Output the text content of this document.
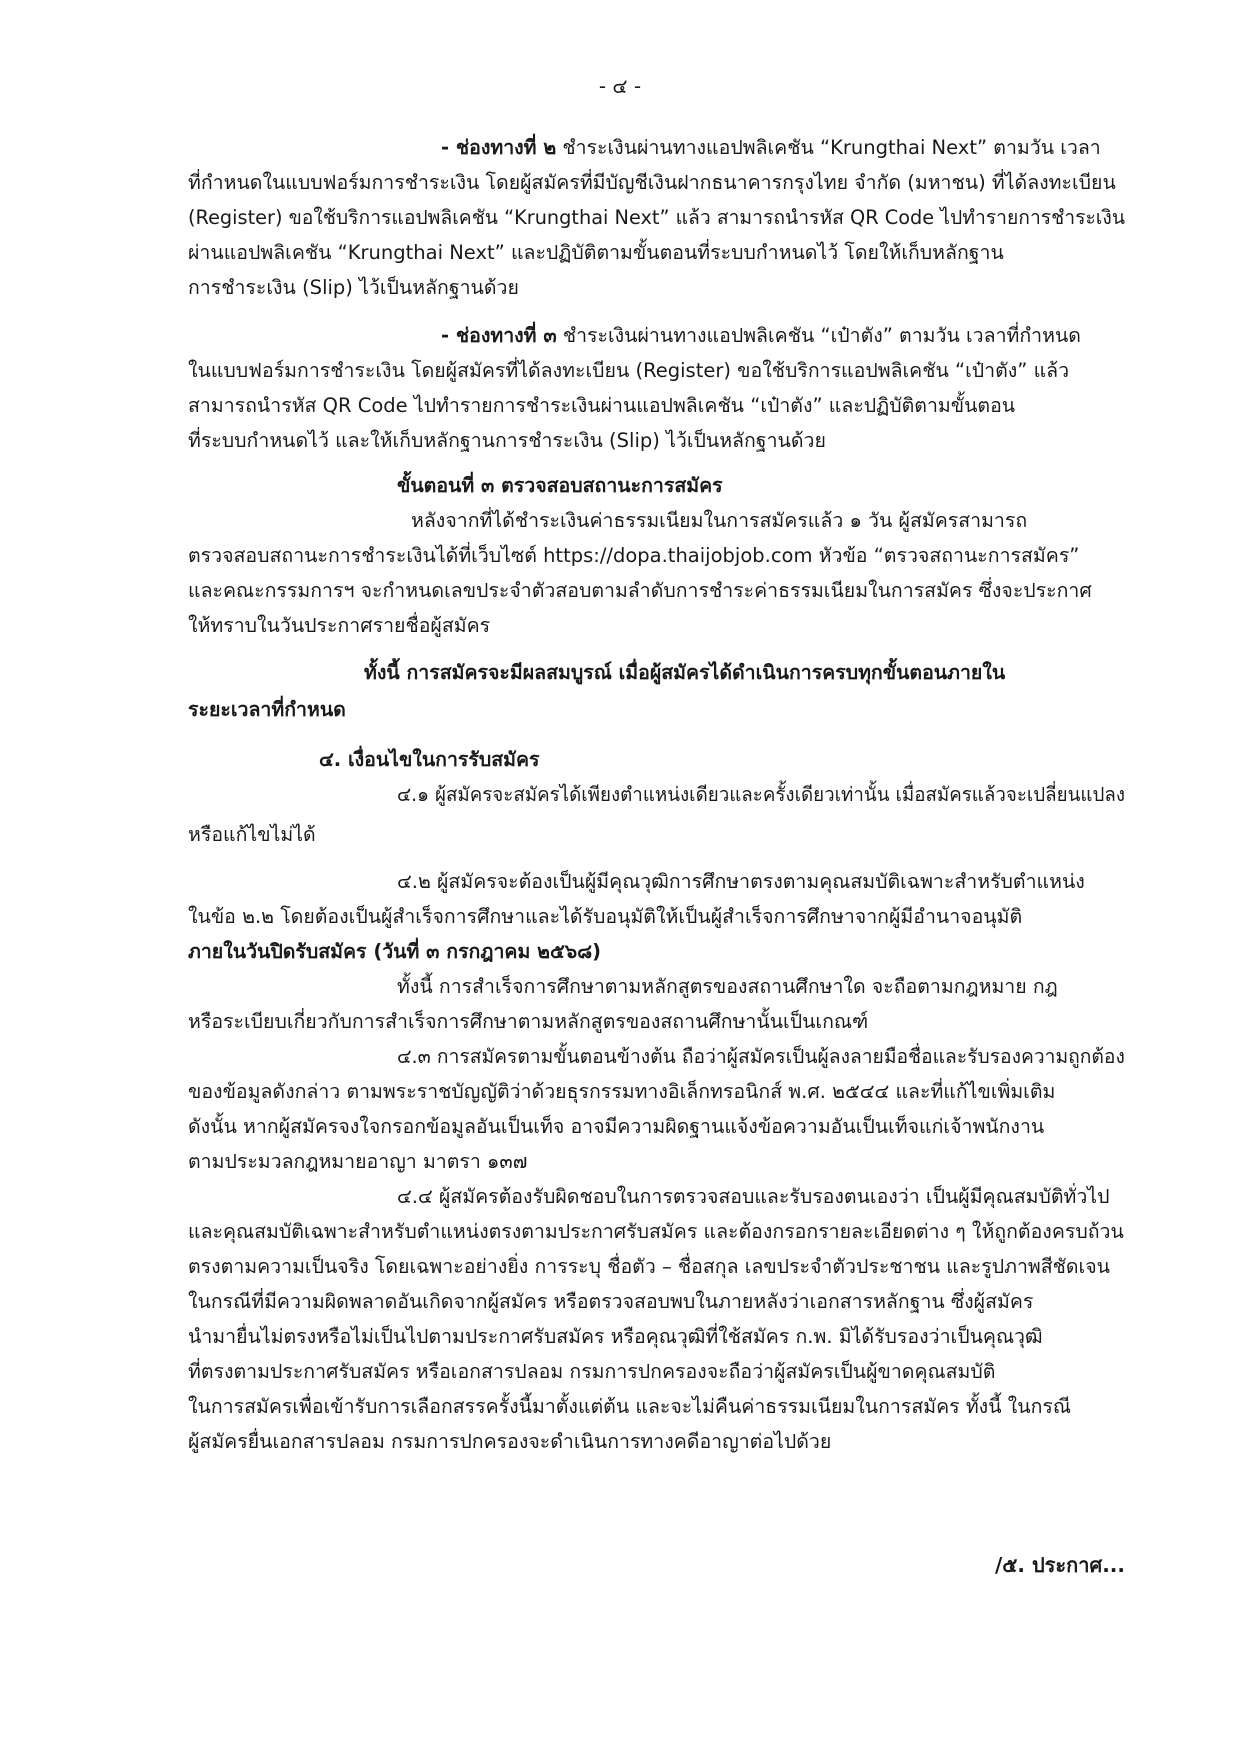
- ๔ -
- ช่องทางที่ ๒ ชำระเงินผ่านทางแอปพลิเคชัน “Krungthai Next” ตามวัน เวลา
ที่กำหนดในแบบฟอร์มการชำระเงิน โดยผู้สมัครที่มีบัญชีเงินฝากธนาคารกรุงไทย จำกัด (มหาชน) ที่ได้ลงทะเบียน
(Register) ขอใช้บริการแอปพลิเคชัน “Krungthai Next” แล้ว สามารถนำรหัส QR Code ไปทำรายการชำระเงิน
ผ่านแอปพลิเคชัน “Krungthai Next” และปฏิบัติตามขั้นตอนที่ระบบกำหนดไว้ โดยให้เก็บหลักฐาน
การชำระเงิน (Slip) ไว้เป็นหลักฐานด้วย
- ช่องทางที่ ๓ ชำระเงินผ่านทางแอปพลิเคชัน “เป๋าตัง” ตามวัน เวลาที่กำหนด
ในแบบฟอร์มการชำระเงิน โดยผู้สมัครที่ได้ลงทะเบียน (Register) ขอใช้บริการแอปพลิเคชัน “เป๋าตัง” แล้ว
สามารถนำรหัส QR Code ไปทำรายการชำระเงินผ่านแอปพลิเคชัน “เป๋าตัง” และปฏิบัติตามขั้นตอน
ที่ระบบกำหนดไว้ และให้เก็บหลักฐานการชำระเงิน (Slip) ไว้เป็นหลักฐานด้วย
ขั้นตอนที่ ๓ ตรวจสอบสถานะการสมัคร
หลังจากที่ได้ชำระเงินค่าธรรมเนียมในการสมัครแล้ว ๑ วัน ผู้สมัครสามารถ
ตรวจสอบสถานะการชำระเงินได้ที่เว็บไซต์ https://dopa.thaijobjob.com หัวข้อ “ตรวจสถานะการสมัคร”
และคณะกรรมการฯ จะกำหนดเลขประจำตัวสอบตามลำดับการชำระค่าธรรมเนียมในการสมัคร ซึ่งจะประกาศ
ให้ทราบในวันประกาศรายชื่อผู้สมัคร
ทั้งนี้ การสมัครจะมีผลสมบูรณ์ เมื่อผู้สมัครได้ดำเนินการครบทุกขั้นตอนภายใน
ระยะเวลาที่กำหนด
๔. เงื่อนไขในการรับสมัคร
๔.๑ ผู้สมัครจะสมัครได้เพียงตำแหน่งเดียวและครั้งเดียวเท่านั้น เมื่อสมัครแล้วจะเปลี่ยนแปลง
หรือแก้ไขไม่ได้
๔.๒ ผู้สมัครจะต้องเป็นผู้มีคุณวุฒิการศึกษาตรงตามคุณสมบัติเฉพาะสำหรับตำแหน่ง
ในข้อ ๒.๒ โดยต้องเป็นผู้สำเร็จการศึกษาและได้รับอนุมัติให้เป็นผู้สำเร็จการศึกษาจากผู้มีอำนาจอนุมัติ
ภายในวันปิดรับสมัคร (วันที่ ๓ กรกฎาคม ๒๕๖๘)
ทั้งนี้ การสำเร็จการศึกษาตามหลักสูตรของสถานศึกษาใด จะถือตามกฎหมาย กฎ
หรือระเบียบเกี่ยวกับการสำเร็จการศึกษาตามหลักสูตรของสถานศึกษานั้นเป็นเกณฑ์
๔.๓ การสมัครตามขั้นตอนข้างต้น ถือว่าผู้สมัครเป็นผู้ลงลายมือชื่อและรับรองความถูกต้อง
ของข้อมูลดังกล่าว ตามพระราชบัญญัติว่าด้วยธุรกรรมทางอิเล็กทรอนิกส์ พ.ศ. ๒๕๔๔ และที่แก้ไขเพิ่มเติม
ดังนั้น หากผู้สมัครจงใจกรอกข้อมูลอันเป็นเท็จ อาจมีความผิดฐานแจ้งข้อความอันเป็นเท็จแก่เจ้าพนักงาน
ตามประมวลกฎหมายอาญา มาตรา ๑๓๗
๔.๔ ผู้สมัครต้องรับผิดชอบในการตรวจสอบและรับรองตนเองว่า เป็นผู้มีคุณสมบัติทั่วไป
และคุณสมบัติเฉพาะสำหรับตำแหน่งตรงตามประกาศรับสมัคร และต้องกรอกรายละเอียดต่าง ๆ ให้ถูกต้องครบถ้วน
ตรงตามความเป็นจริง โดยเฉพาะอย่างยิ่ง การระบุ ชื่อตัว – ชื่อสกุล เลขประจำตัวประชาชน และรูปภาพสีชัดเจน
ในกรณีที่มีความผิดพลาดอันเกิดจากผู้สมัคร หรือตรวจสอบพบในภายหลังว่าเอกสารหลักฐาน ซึ่งผู้สมัคร
นำมายื่นไม่ตรงหรือไม่เป็นไปตามประกาศรับสมัคร หรือคุณวุฒิที่ใช้สมัคร ก.พ. มิได้รับรองว่าเป็นคุณวุฒิ
ที่ตรงตามประกาศรับสมัคร หรือเอกสารปลอม กรมการปกครองจะถือว่าผู้สมัครเป็นผู้ขาดคุณสมบัติ
ในการสมัครเพื่อเข้ารับการเลือกสรรครั้งนี้มาตั้งแต่ต้น และจะไม่คืนค่าธรรมเนียมในการสมัคร ทั้งนี้ ในกรณี
ผู้สมัครยื่นเอกสารปลอม กรมการปกครองจะดำเนินการทางคดีอาญาต่อไปด้วย
/๕. ประกาศ...
